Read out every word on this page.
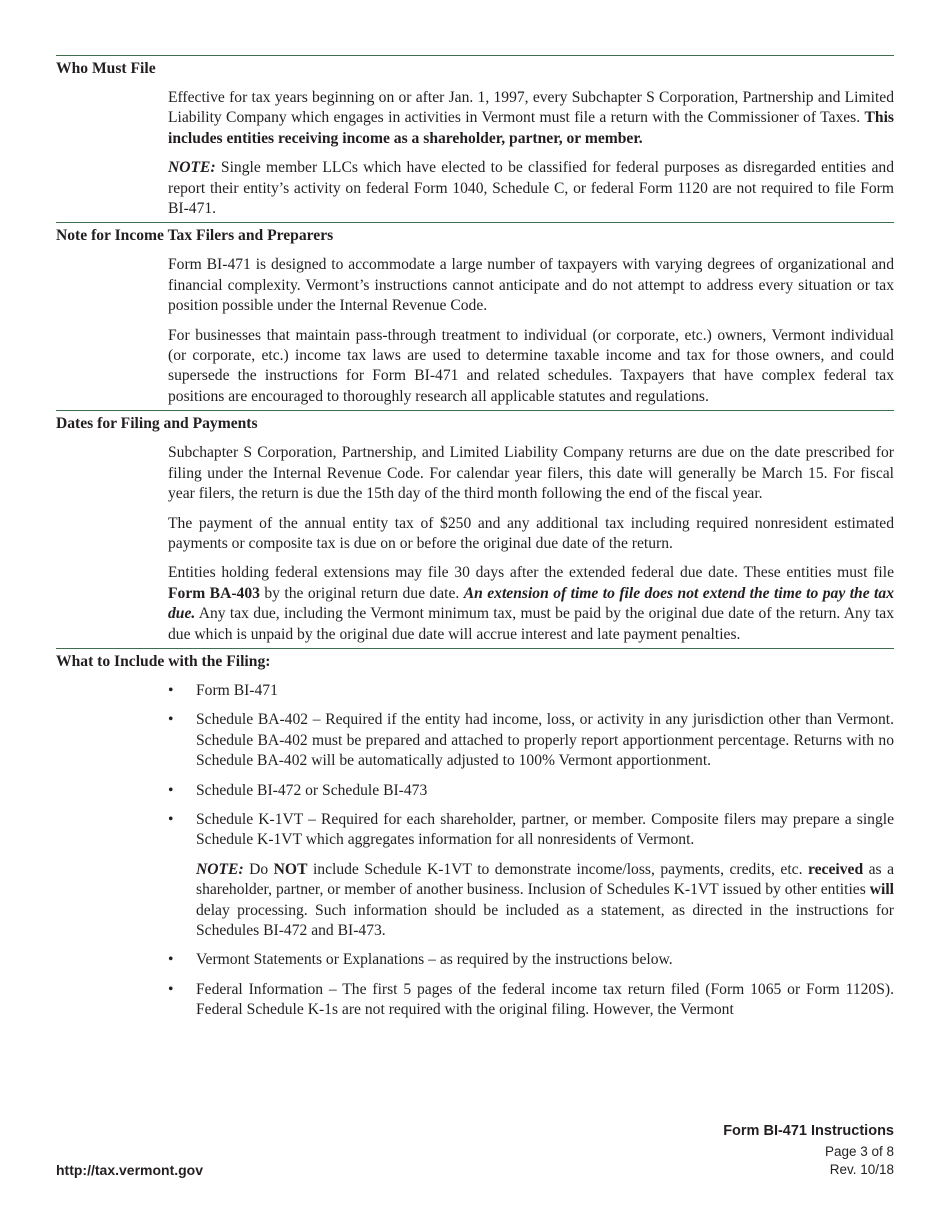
Who Must File

Effective for tax years beginning on or after Jan. 1, 1997, every Subchapter S Corporation, Partnership and Limited Liability Company which engages in activities in Vermont must file a return with the Commissioner of Taxes. This includes entities receiving income as a shareholder, partner, or member.

NOTE: Single member LLCs which have elected to be classified for federal purposes as disregarded entities and report their entity’s activity on federal Form 1040, Schedule C, or federal Form 1120 are not required to file Form BI-471.

Note for Income Tax Filers and Preparers

Form BI-471 is designed to accommodate a large number of taxpayers with varying degrees of organizational and financial complexity. Vermont’s instructions cannot anticipate and do not attempt to address every situation or tax position possible under the Internal Revenue Code.

For businesses that maintain pass-through treatment to individual (or corporate, etc.) owners, Vermont individual (or corporate, etc.) income tax laws are used to determine taxable income and tax for those owners, and could supersede the instructions for Form BI-471 and related schedules. Taxpayers that have complex federal tax positions are encouraged to thoroughly research all applicable statutes and regulations.

Dates for Filing and Payments

Subchapter S Corporation, Partnership, and Limited Liability Company returns are due on the date prescribed for filing under the Internal Revenue Code. For calendar year filers, this date will generally be March 15. For fiscal year filers, the return is due the 15th day of the third month following the end of the fiscal year.

The payment of the annual entity tax of $250 and any additional tax including required nonresident estimated payments or composite tax is due on or before the original due date of the return.

Entities holding federal extensions may file 30 days after the extended federal due date. These entities must file Form BA-403 by the original return due date. An extension of time to file does not extend the time to pay the tax due. Any tax due, including the Vermont minimum tax, must be paid by the original due date of the return. Any tax due which is unpaid by the original due date will accrue interest and late payment penalties.

What to Include with the Filing:
• Form BI-471
• Schedule BA-402 – Required if the entity had income, loss, or activity in any jurisdiction other than Vermont. Schedule BA-402 must be prepared and attached to properly report apportionment percentage. Returns with no Schedule BA-402 will be automatically adjusted to 100% Vermont apportionment.
• Schedule BI-472 or Schedule BI-473
• Schedule K-1VT – Required for each shareholder, partner, or member. Composite filers may prepare a single Schedule K-1VT which aggregates information for all nonresidents of Vermont.
NOTE: Do NOT include Schedule K-1VT to demonstrate income/loss, payments, credits, etc. received as a shareholder, partner, or member of another business. Inclusion of Schedules K-1VT issued by other entities will delay processing. Such information should be included as a statement, as directed in the instructions for Schedules BI-472 and BI-473.
• Vermont Statements or Explanations – as required by the instructions below.
• Federal Information – The first 5 pages of the federal income tax return filed (Form 1065 or Form 1120S). Federal Schedule K-1s are not required with the original filing. However, the Vermont
Form BI-471 Instructions
Page 3 of 8
Rev. 10/18
http://tax.vermont.gov
